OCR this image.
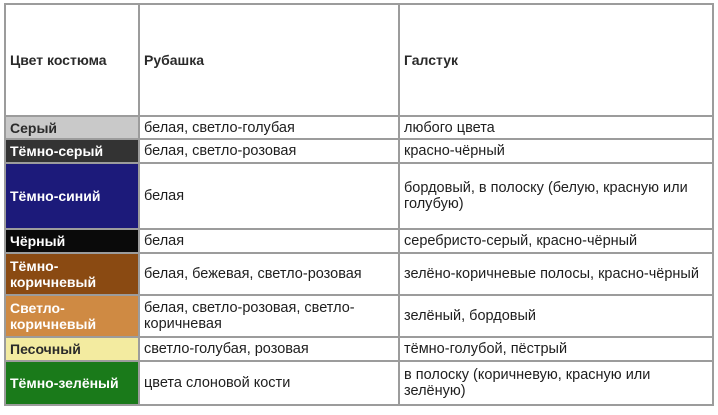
Цвет костюма	Рубашка	Галстук
Серый	белая, светло-голубая	любого цвета
Тёмно-серый	белая, светло-розовая	красно-чёрный
Тёмно-синий	белая	бордовый, в полоску (белую, красную или голубую)
Чёрный	белая	серебристо-серый, красно-чёрный
Тёмно-коричневый	белая, бежевая, светло-розовая	зелёно-коричневые полосы, красно-чёрный
Светло-коричневый	белая, светло-розовая, светло-коричневая	зелёный, бордовый
Песочный	светло-голубая, розовая	тёмно-голубой, пёстрый
Тёмно-зелёный	цвета слоновой кости	в полоску (коричневую, красную или зелёную)
